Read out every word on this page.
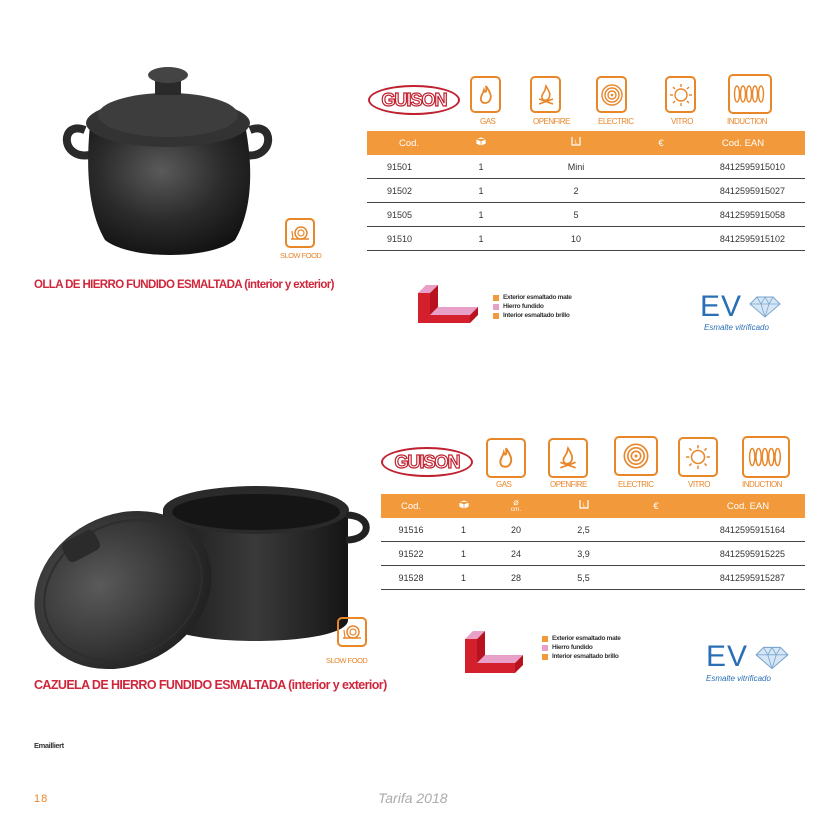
SLOW FOOD
GUISON
GAS	OPENFIRE	ELECTRIC	VITRO	INDUCTION
Cod.		L	€	Cod. EAN
91501	1	Mini		8412595915010
91502	1	2		8412595915027
91505	1	5		8412595915058
91510	1	10		8412595915102
OLLA DE HIERRO FUNDIDO ESMALTADA (interior y exterior)
Exterior esmaltado mate
Hierro fundido
Interior esmaltado brillo	EV
Esmalte vitrificado
SLOW FOOD
GUISON
GAS	OPENFIRE	ELECTRIC	VITRO	INDUCTION
Cod.		⌀
cm.	L	€	Cod. EAN
91516	1	20	2,5		8412595915164
91522	1	24	3,9		8412595915225
91528	1	28	5,5		8412595915287
CAZUELA DE HIERRO FUNDIDO ESMALTADA (interior y exterior)
Exterior esmaltado mate
Hierro fundido
Interior esmaltado brillo	EV
Esmalte vitrificado
Emailliert
18	Tarifa 2018
